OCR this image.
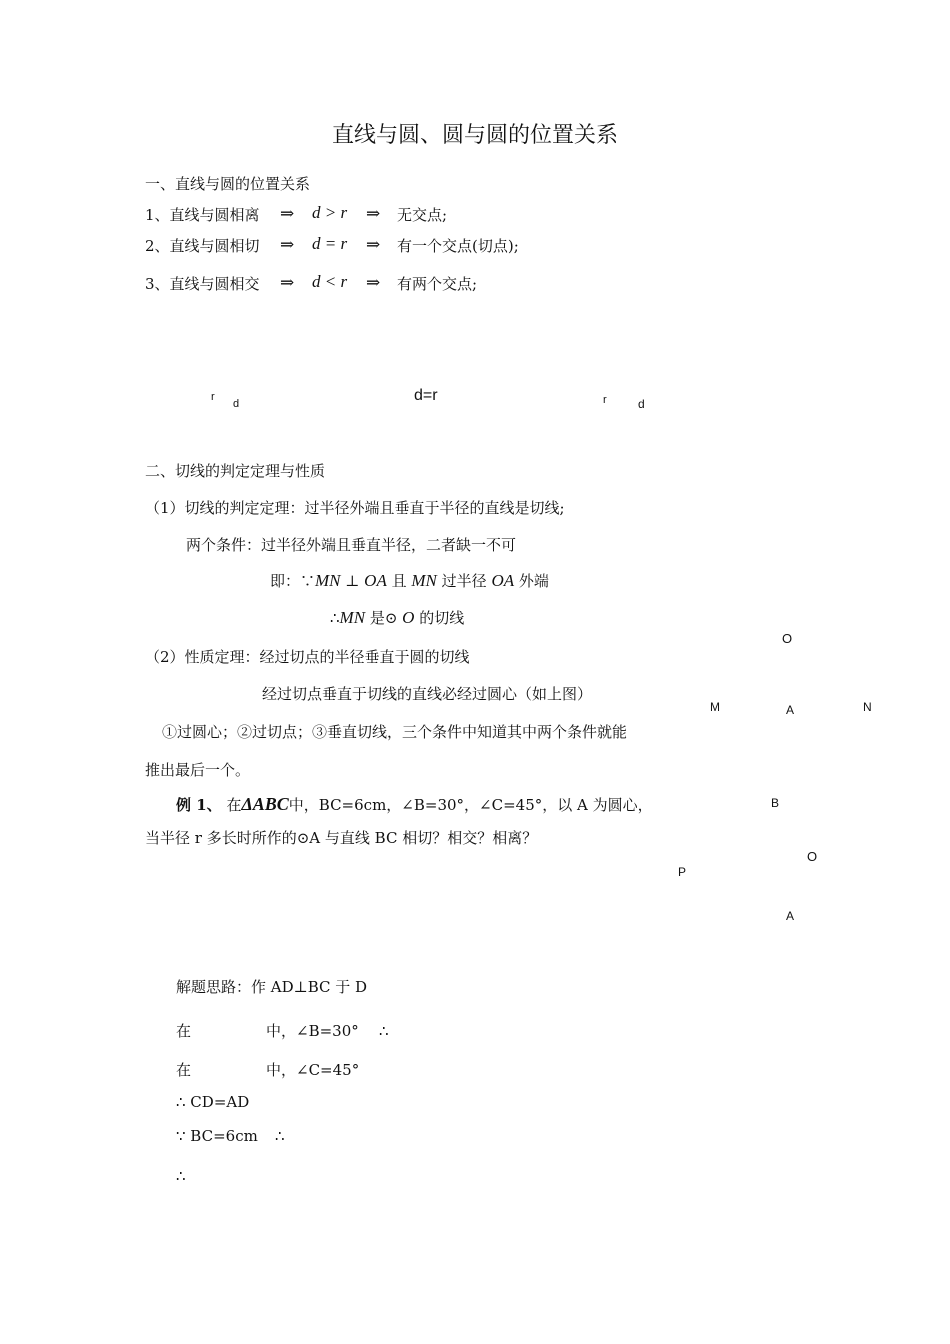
直线与圆、圆与圆的位置关系
一、直线与圆的位置关系
1、直线与圆相离 ⇒ d > r ⇒ 无交点;
2、直线与圆相切 ⇒ d = r ⇒ 有一个交点(切点);
3、直线与圆相交 ⇒ d < r ⇒ 有两个交点;
r
d	d=r	r	d
二、切线的判定定理与性质
（1）切线的判定定理：过半径外端且垂直于半径的直线是切线;
两个条件：过半径外端且垂直半径，二者缺一不可
即：∵MN ⊥ OA 且 MN 过半径 OA 外端
∴MN 是⊙ O 的切线
（2）性质定理：经过切点的半径垂直于圆的切线
经过切点垂直于切线的直线必经过圆心（如上图）
①过圆心；②过切点；③垂直切线，三个条件中知道其中两个条件就能
推出最后一个。
O
M	A	N
B
O
P
A
例 1、 在ΔABC中，BC=6cm，∠B=30°，∠C=45°，以 A 为圆心，
当半径 r 多长时所作的⊙A 与直线 BC 相切？相交？相离？
解题思路：作 AD⊥BC 于 D
在	中，∠B=30° ∴
在	中，∠C=45°
∴ CD=AD
∵ BC=6cm ∴
∴
